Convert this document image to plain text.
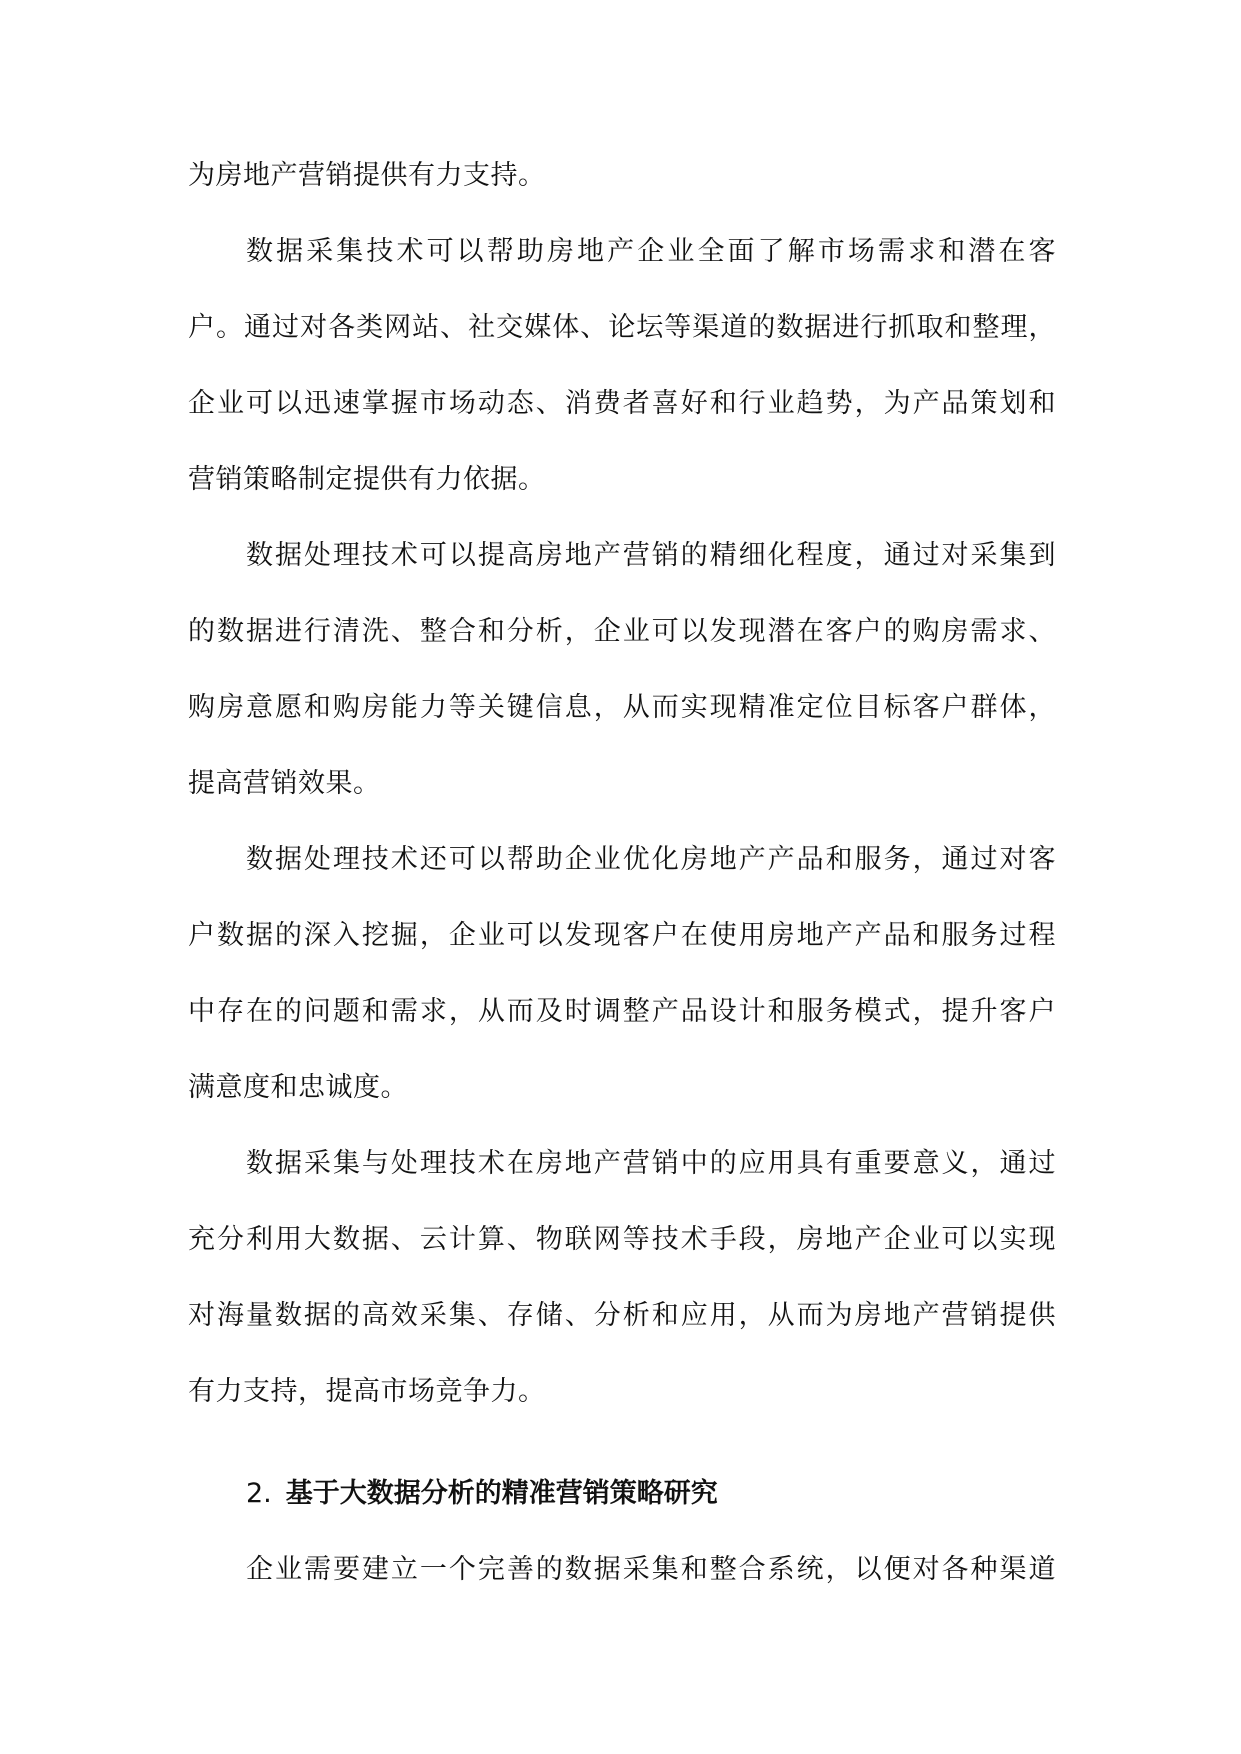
为房地产营销提供有力支持。
数据采集技术可以帮助房地产企业全面了解市场需求和潜在客
户。通过对各类网站、社交媒体、论坛等渠道的数据进行抓取和整理，
企业可以迅速掌握市场动态、消费者喜好和行业趋势，为产品策划和
营销策略制定提供有力依据。
数据处理技术可以提高房地产营销的精细化程度，通过对采集到
的数据进行清洗、整合和分析，企业可以发现潜在客户的购房需求、
购房意愿和购房能力等关键信息，从而实现精准定位目标客户群体，
提高营销效果。
数据处理技术还可以帮助企业优化房地产产品和服务，通过对客
户数据的深入挖掘，企业可以发现客户在使用房地产产品和服务过程
中存在的问题和需求，从而及时调整产品设计和服务模式，提升客户
满意度和忠诚度。
数据采集与处理技术在房地产营销中的应用具有重要意义，通过
充分利用大数据、云计算、物联网等技术手段，房地产企业可以实现
对海量数据的高效采集、存储、分析和应用，从而为房地产营销提供
有力支持，提高市场竞争力。
2. 基于大数据分析的精准营销策略研究
企业需要建立一个完善的数据采集和整合系统，以便对各种渠道
